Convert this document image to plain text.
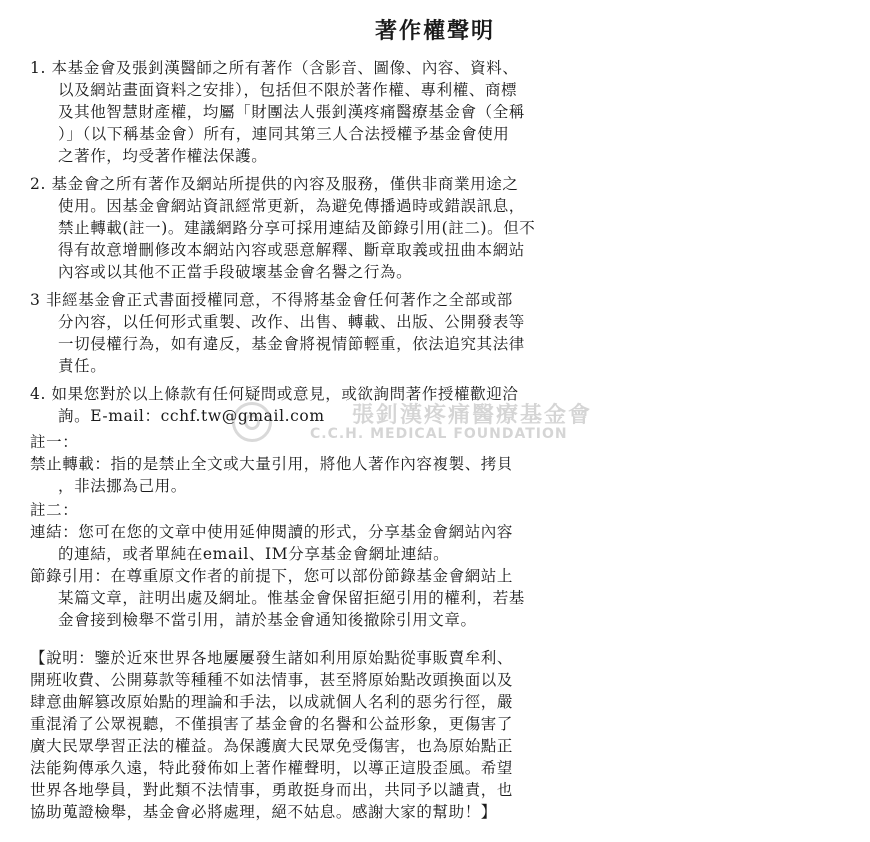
著作權聲明
張釗漢疼痛醫療基金會
C.C.H. MEDICAL FOUNDATION
1. 本基金會及張釗漢醫師之所有著作（含影音、圖像、內容、資料、
以及網站畫面資料之安排），包括但不限於著作權、專利權、商標
及其他智慧財產權，均屬「財團法人張釗漢疼痛醫療基金會（全稱
）」（以下稱基金會）所有，連同其第三人合法授權予基金會使用
之著作，均受著作權法保護。
2. 基金會之所有著作及網站所提供的內容及服務，僅供非商業用途之
使用。因基金會網站資訊經常更新，為避免傳播過時或錯誤訊息，
禁止轉載(註一)。建議網路分享可採用連結及節錄引用(註二)。但不
得有故意增刪修改本網站內容或惡意解釋、斷章取義或扭曲本網站
內容或以其他不正當手段破壞基金會名譽之行為。
3 非經基金會正式書面授權同意，不得將基金會任何著作之全部或部
分內容，以任何形式重製、改作、出售、轉載、出版、公開發表等
一切侵權行為，如有違反，基金會將視情節輕重，依法追究其法律
責任。
4. 如果您對於以上條款有任何疑問或意見，或欲詢問著作授權歡迎洽
詢。E-mail：cchf.tw@gmail.com
註一：
禁止轉載：指的是禁止全文或大量引用，將他人著作內容複製、拷貝
，非法挪為己用。
註二：
連結：您可在您的文章中使用延伸閱讀的形式，分享基金會網站內容
的連結，或者單純在email、IM分享基金會網址連結。
節錄引用：在尊重原文作者的前提下，您可以部份節錄基金會網站上
某篇文章，註明出處及網址。惟基金會保留拒絕引用的權利，若基
金會接到檢舉不當引用，請於基金會通知後撤除引用文章。
【說明：鑒於近來世界各地屢屢發生諸如利用原始點從事販賣牟利、
開班收費、公開募款等種種不如法情事，甚至將原始點改頭換面以及
肆意曲解篡改原始點的理論和手法，以成就個人名利的惡劣行徑，嚴
重混淆了公眾視聽，不僅損害了基金會的名譽和公益形象，更傷害了
廣大民眾學習正法的權益。為保護廣大民眾免受傷害，也為原始點正
法能夠傳承久遠，特此發佈如上著作權聲明，以導正這股歪風。希望
世界各地學員，對此類不法情事，勇敢挺身而出，共同予以譴責，也
協助蒐證檢舉，基金會必將處理，絕不姑息。感謝大家的幫助！】
